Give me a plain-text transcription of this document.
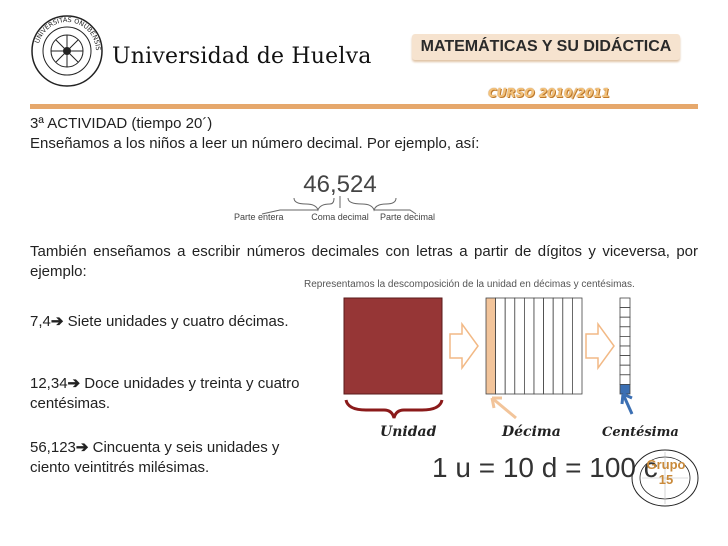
UNIVERSITAS ONUBENSIS Universidad de Huelva	MATEMÁTICAS Y SU DIDÁCTICA
CURSO 2010/2011
3ª ACTIVIDAD (tiempo 20´)
Enseñamos a los niños a leer un número decimal. Por ejemplo, así:
46,524
Parte entera	Coma decimal Parte decimal
También enseñamos a escribir números decimales con letras a partir de dígitos y viceversa, por ejemplo:
7,4➔ Siete unidades y cuatro décimas.
12,34➔ Doce unidades y treinta y cuatro centésimas.
56,123➔ Cincuenta y seis unidades y ciento veintitrés milésimas.
Representamos la descomposición de la unidad en décimas y centésimas.
Unidad	Décima	Centésima
1 u = 10 d = 100 c
Grupo
15
